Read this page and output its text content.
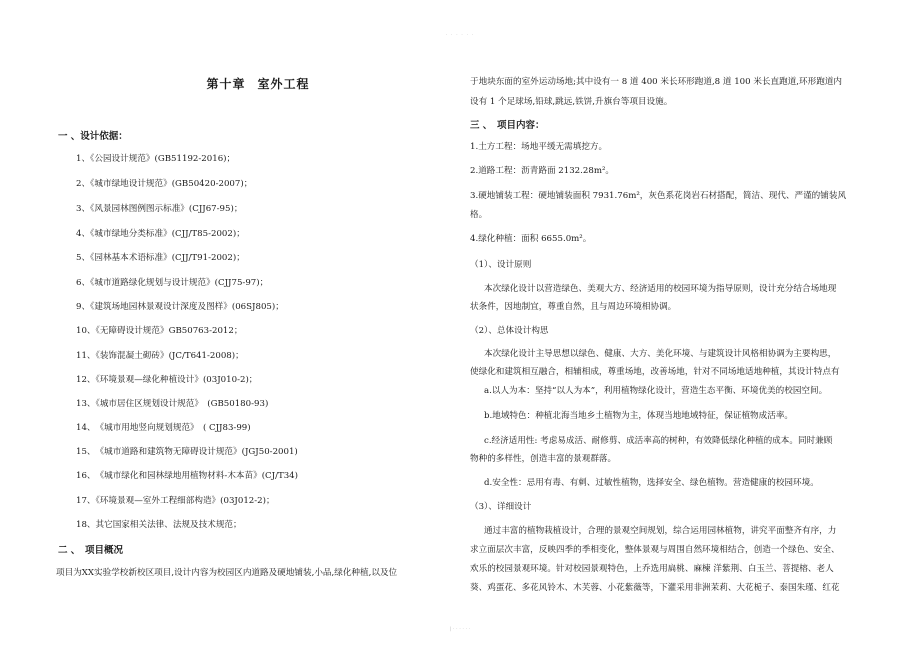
· · · · · ·
第十章 室外工程
一 、设计依据：
1、《公园设计规范》(GB51192-2016)；
2、《城市绿地设计规范》(GB50420-2007)；
3、《风景园林图例图示标准》(CJJ67-95)；
4、《城市绿地分类标准》(CJJ/T85-2002)；
5、《园林基本术语标准》(CJJ/T91-2002)；
6、《城市道路绿化规划与设计规范》(CJJ75-97)；
9、《建筑场地园林景观设计深度及图样》(06SJ805)；
10、《无障碍设计规范》GB50763-2012；
11、《装饰混凝土砌砖》(JC/T641-2008)；
12、《环境景观—绿化种植设计》(03J010-2)；
13、《城市居住区规划设计规范》　(GB50180-93)
14、　《城市用地竖向规划规范》　( CJJ83-99)
15、　《城市道路和建筑物无障碍设计规范》(JGJ50-2001)
16、　《城市绿化和园林绿地用植物材料-木本苗》(CJ/T34)
17、《环境景观—室外工程细部构造》(03J012-2)；
18、其它国家相关法律、法规及技术规范；
二 、　项目概况
项目为XX实验学校新校区项目,设计内容为校园区内道路及硬地铺装,小品,绿化种植,以及位
于地块东面的室外运动场地;其中设有一 8 道 400 米长环形跑道,8 道 100 米长直跑道,环形跑道内
设有 1 个足球场,铅球,跳远,铁饼,升旗台等项目设施。
三 、　项目内容：
1.土方工程：场地平缓无需填挖方。
2.道路工程：沥青路面 2132.28m²。
3.硬地铺装工程：硬地铺装面积 7931.76m²，灰色系花岗岩石材搭配，简洁、现代、严谨的铺装风
格。
4.绿化种植：面积 6655.0m²。
（1）、设计原则
本次绿化设计以营造绿色、美观大方、经济适用的校园环境为指导原则，设计充分结合场地现
状条件，因地制宜，尊重自然，且与周边环境相协调。
（2）、总体设计构思
本次绿化设计主导思想以绿色、健康、大方、美化环境、与建筑设计风格相协调为主要构思，
使绿化和建筑相互融合，相辅相成，尊重场地，改善场地，针对不同场地适地种植，其设计特点有
a.以人为本：坚持“以人为本”，利用植物绿化设计，营造生态平衡、环境优美的校园空间。
b.地域特色：种植北海当地乡土植物为主，体现当地地域特征，保证植物成活率。
c.经济适用性: 考虑易成活、耐修剪、成活率高的树种，有效降低绿化种植的成本。同时兼顾
物种的多样性，创造丰富的景观群落。
d.安全性：忌用有毒、有刺、过敏性植物，选择安全、绿色植物。营造健康的校园环境。
（3）、详细设计
通过丰富的植物栽植设计，合理的景观空间规划，综合运用园林植物，讲究平面整齐有序，力
求立面层次丰富，反映四季的季相变化，整体景观与周围自然环境相结合，创造一个绿色、安全、
欢乐的校园景观环境。针对校园景观特色，上乔选用扁桃、麻楝 洋紫荆、白玉兰、菩提榕、老人
葵、鸡蛋花、多花风铃木、木芙蓉、小花紫薇等，下灌采用非洲茉莉、大花栀子、泰国朱瑾、红花
| · · · · · ·
